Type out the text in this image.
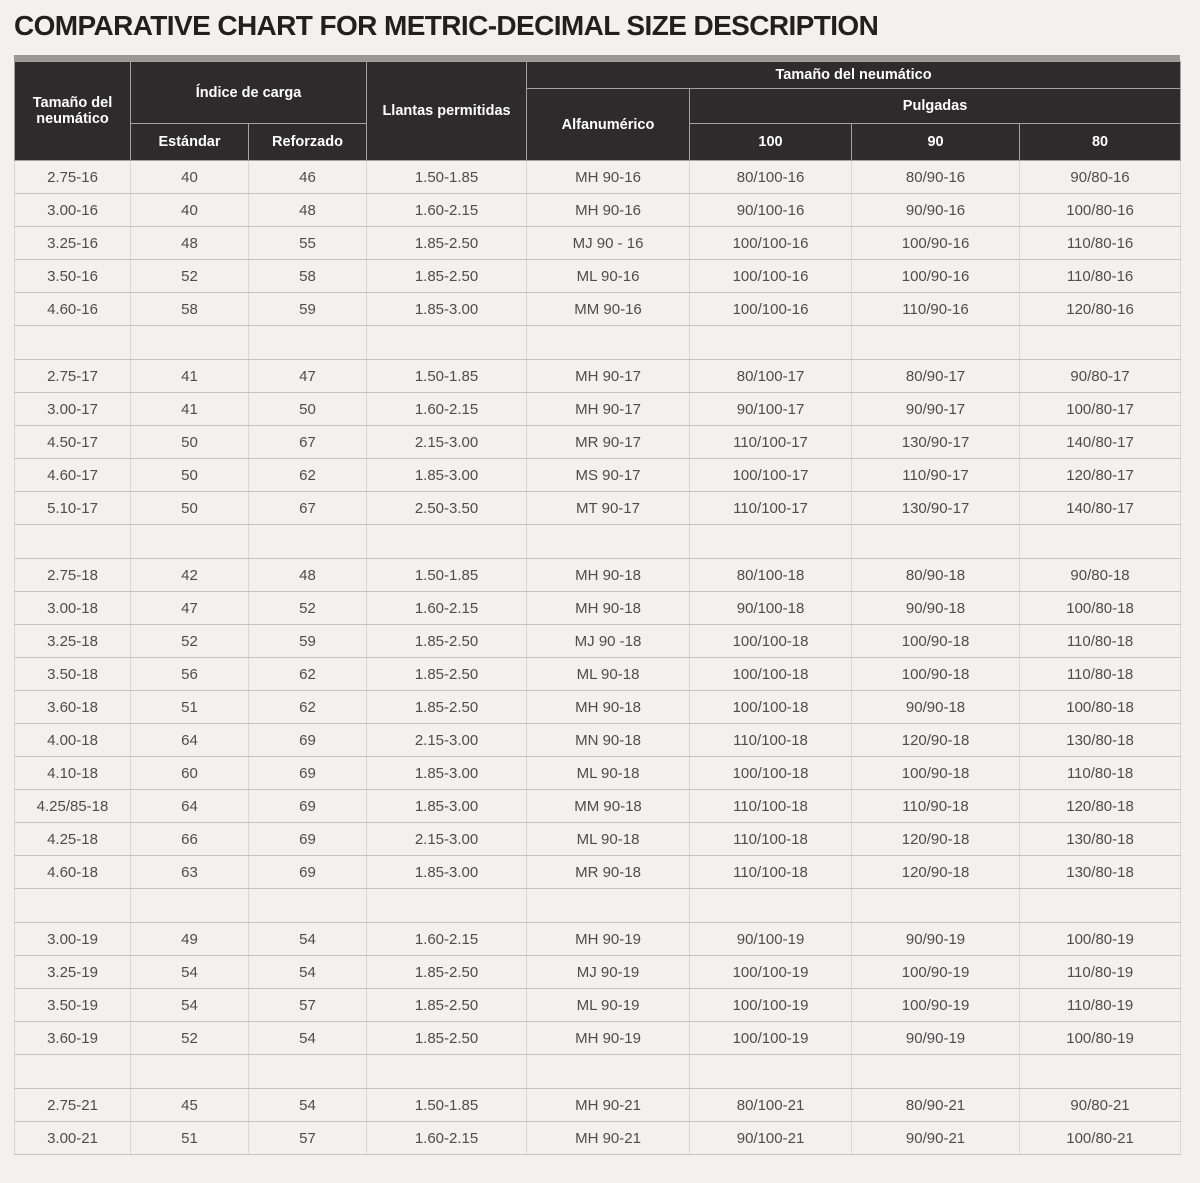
COMPARATIVE CHART FOR METRIC-DECIMAL SIZE DESCRIPTION
Tamaño del neumático	Índice de carga		Llantas permitidas	Tamaño del neumático			
				Alfanumérico	Pulgadas		
	Estándar	Reforzado			100	90	80
2.75-16	40	46	1.50-1.85	MH 90-16	80/100-16	80/90-16	90/80-16
3.00-16	40	48	1.60-2.15	MH 90-16	90/100-16	90/90-16	100/80-16
3.25-16	48	55	1.85-2.50	MJ 90 - 16	100/100-16	100/90-16	110/80-16
3.50-16	52	58	1.85-2.50	ML 90-16	100/100-16	100/90-16	110/80-16
4.60-16	58	59	1.85-3.00	MM 90-16	100/100-16	110/90-16	120/80-16

2.75-17	41	47	1.50-1.85	MH 90-17	80/100-17	80/90-17	90/80-17
3.00-17	41	50	1.60-2.15	MH 90-17	90/100-17	90/90-17	100/80-17
4.50-17	50	67	2.15-3.00	MR 90-17	110/100-17	130/90-17	140/80-17
4.60-17	50	62	1.85-3.00	MS 90-17	100/100-17	110/90-17	120/80-17
5.10-17	50	67	2.50-3.50	MT 90-17	110/100-17	130/90-17	140/80-17

2.75-18	42	48	1.50-1.85	MH 90-18	80/100-18	80/90-18	90/80-18
3.00-18	47	52	1.60-2.15	MH 90-18	90/100-18	90/90-18	100/80-18
3.25-18	52	59	1.85-2.50	MJ 90 -18	100/100-18	100/90-18	110/80-18
3.50-18	56	62	1.85-2.50	ML 90-18	100/100-18	100/90-18	110/80-18
3.60-18	51	62	1.85-2.50	MH 90-18	100/100-18	90/90-18	100/80-18
4.00-18	64	69	2.15-3.00	MN 90-18	110/100-18	120/90-18	130/80-18
4.10-18	60	69	1.85-3.00	ML 90-18	100/100-18	100/90-18	110/80-18
4.25/85-18	64	69	1.85-3.00	MM 90-18	110/100-18	110/90-18	120/80-18
4.25-18	66	69	2.15-3.00	ML 90-18	110/100-18	120/90-18	130/80-18
4.60-18	63	69	1.85-3.00	MR 90-18	110/100-18	120/90-18	130/80-18

3.00-19	49	54	1.60-2.15	MH 90-19	90/100-19	90/90-19	100/80-19
3.25-19	54	54	1.85-2.50	MJ 90-19	100/100-19	100/90-19	110/80-19
3.50-19	54	57	1.85-2.50	ML 90-19	100/100-19	100/90-19	110/80-19
3.60-19	52	54	1.85-2.50	MH 90-19	100/100-19	90/90-19	100/80-19

2.75-21	45	54	1.50-1.85	MH 90-21	80/100-21	80/90-21	90/80-21
3.00-21	51	57	1.60-2.15	MH 90-21	90/100-21	90/90-21	100/80-21
